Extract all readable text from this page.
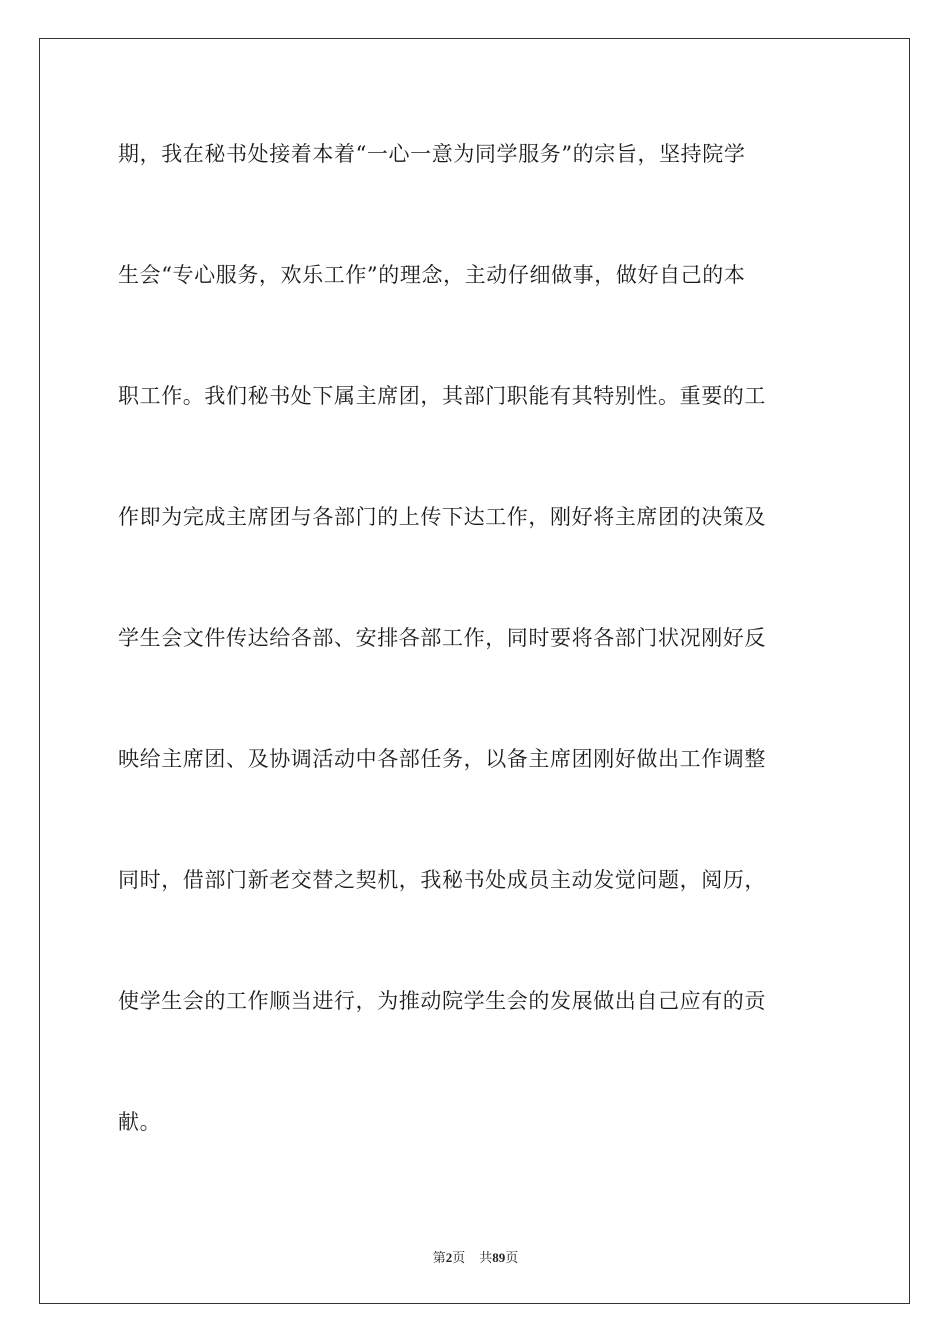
期，我在秘书处接着本着“一心一意为同学服务”的宗旨，坚持院学
生会“专心服务，欢乐工作”的理念，主动仔细做事，做好自己的本
职工作。我们秘书处下属主席团，其部门职能有其特别性。重要的工
作即为完成主席团与各部门的上传下达工作，刚好将主席团的决策及
学生会文件传达给各部、安排各部工作，同时要将各部门状况刚好反
映给主席团、及协调活动中各部任务，以备主席团刚好做出工作调整
同时，借部门新老交替之契机，我秘书处成员主动发觉问题，阅历，
使学生会的工作顺当进行，为推动院学生会的发展做出自己应有的贡
献。
第2页 共89页
